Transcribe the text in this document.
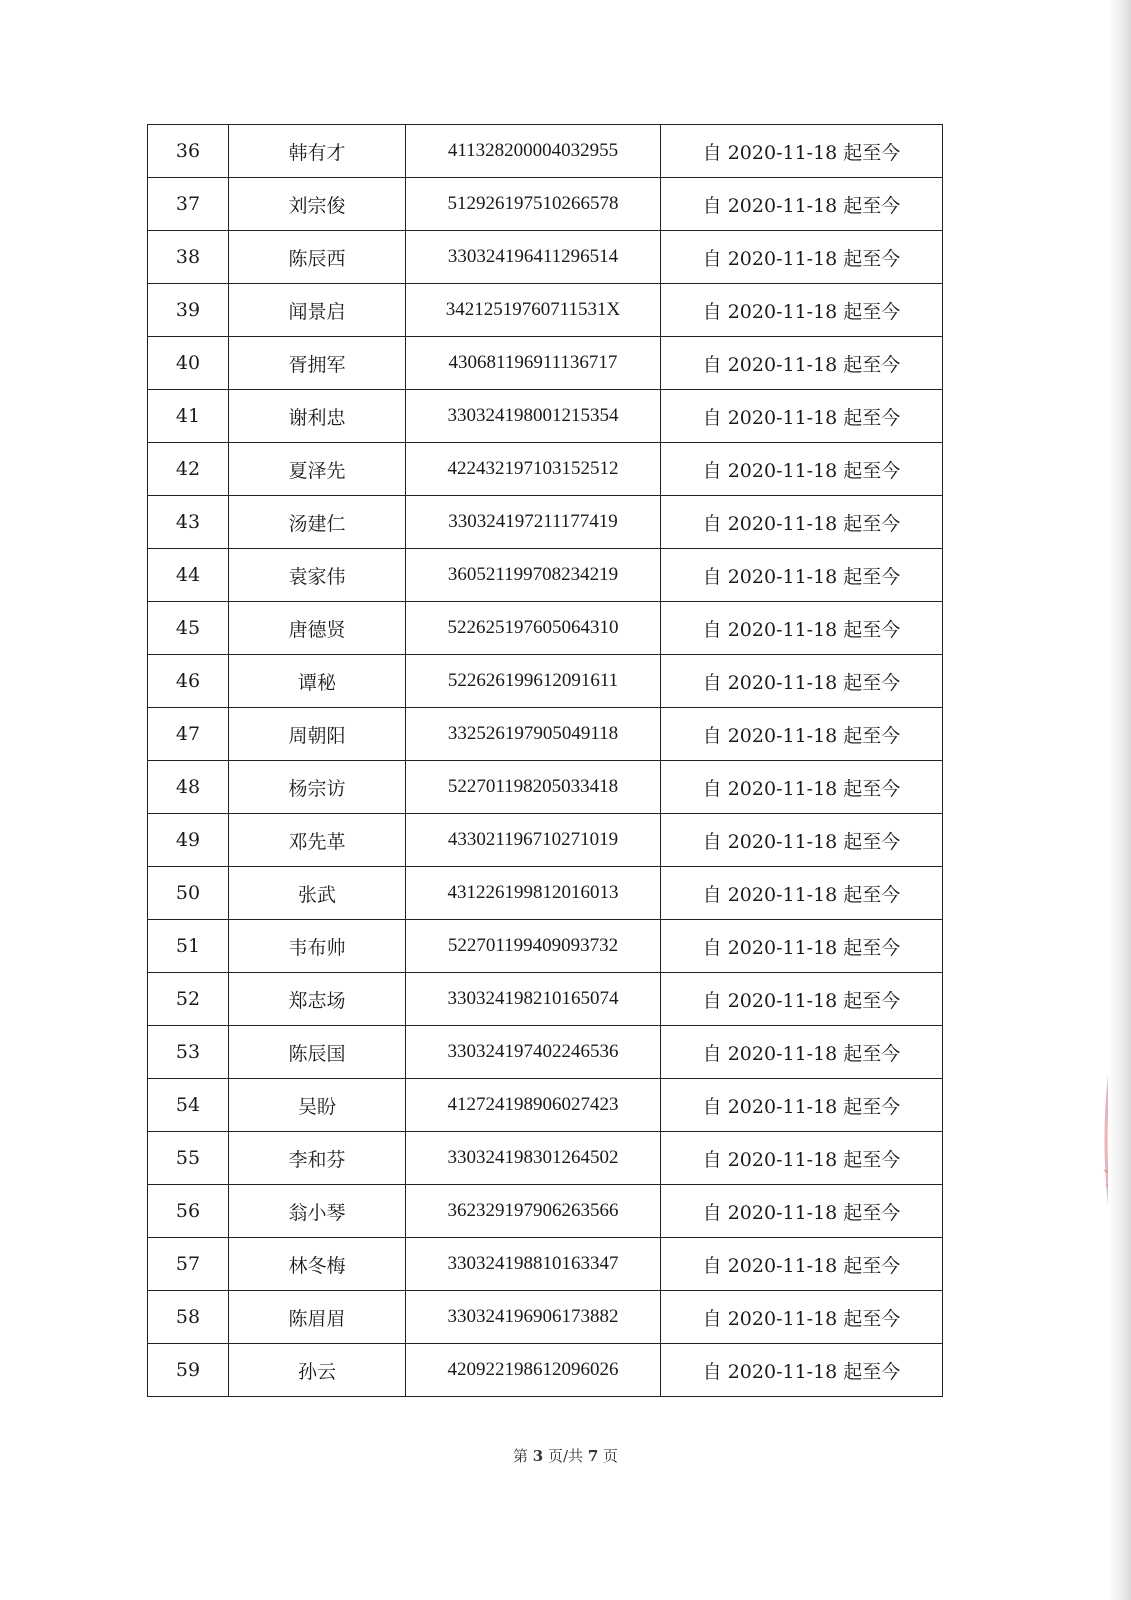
36	韩有才	411328200004032955	自 2020-11-18 起至今
37	刘宗俊	512926197510266578	自 2020-11-18 起至今
38	陈辰西	330324196411296514	自 2020-11-18 起至今
39	闻景启	34212519760711531X	自 2020-11-18 起至今
40	胥拥军	430681196911136717	自 2020-11-18 起至今
41	谢利忠	330324198001215354	自 2020-11-18 起至今
42	夏泽先	422432197103152512	自 2020-11-18 起至今
43	汤建仁	330324197211177419	自 2020-11-18 起至今
44	袁家伟	360521199708234219	自 2020-11-18 起至今
45	唐德贤	522625197605064310	自 2020-11-18 起至今
46	谭秘	522626199612091611	自 2020-11-18 起至今
47	周朝阳	332526197905049118	自 2020-11-18 起至今
48	杨宗访	522701198205033418	自 2020-11-18 起至今
49	邓先革	433021196710271019	自 2020-11-18 起至今
50	张武	431226199812016013	自 2020-11-18 起至今
51	韦布帅	522701199409093732	自 2020-11-18 起至今
52	郑志场	330324198210165074	自 2020-11-18 起至今
53	陈辰国	330324197402246536	自 2020-11-18 起至今
54	吴盼	412724198906027423	自 2020-11-18 起至今
55	李和芬	330324198301264502	自 2020-11-18 起至今
56	翁小琴	362329197906263566	自 2020-11-18 起至今
57	林冬梅	330324198810163347	自 2020-11-18 起至今
58	陈眉眉	330324196906173882	自 2020-11-18 起至今
59	孙云	420922198612096026	自 2020-11-18 起至今
第 3 页/共 7 页
